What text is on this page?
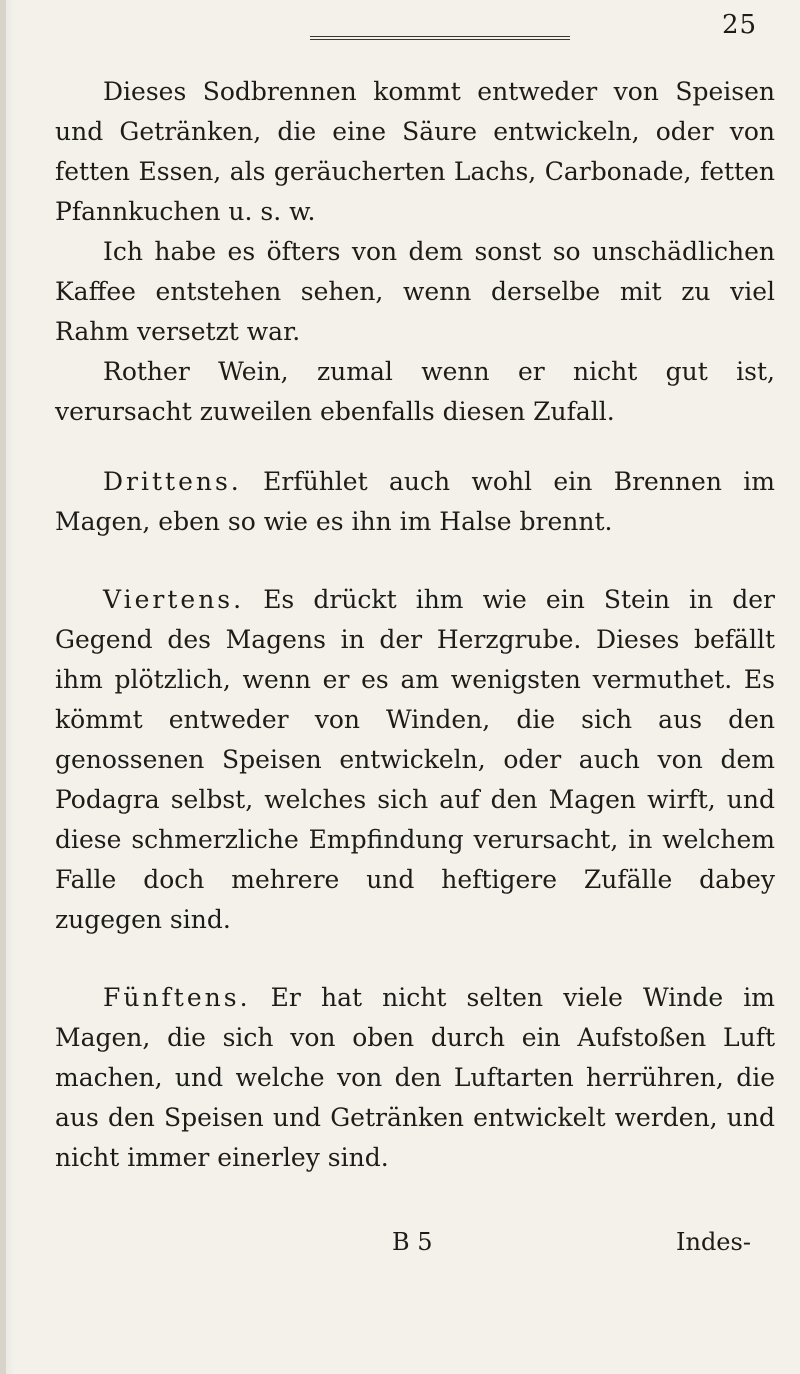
25

Dieses Sodbrennen kommt entweder von Speisen und Getränken, die eine Säure entwickeln, oder von fetten Essen, als geräucherten Lachs, Carbonade, fetten Pfannkuchen u. s. w.

Ich habe es öfters von dem sonst so unschädlichen Kaffee entstehen sehen, wenn derselbe mit zu viel Rahm versetzt war.

Rother Wein, zumal wenn er nicht gut ist, verursacht zuweilen ebenfalls diesen Zufall.

Drittens. Erfühlet auch wohl ein Brennen im Magen, eben so wie es ihn im Halse brennt.

Viertens. Es drückt ihm wie ein Stein in der Gegend des Magens in der Herzgrube. Dieses befällt ihm plötzlich, wenn er es am wenigsten vermuthet. Es kömmt entweder von Winden, die sich aus den genossenen Speisen entwickeln, oder auch von dem Podagra selbst, welches sich auf den Magen wirft, und diese schmerzliche Empfindung verursacht, in welchem Falle doch mehrere und heftigere Zufälle dabey zugegen sind.

Fünftens. Er hat nicht selten viele Winde im Magen, die sich von oben durch ein Aufstoßen Luft machen, und welche von den Luftarten herrühren, die aus den Speisen und Getränken entwickelt werden, und nicht immer einerley sind.

B 5	Indes-
